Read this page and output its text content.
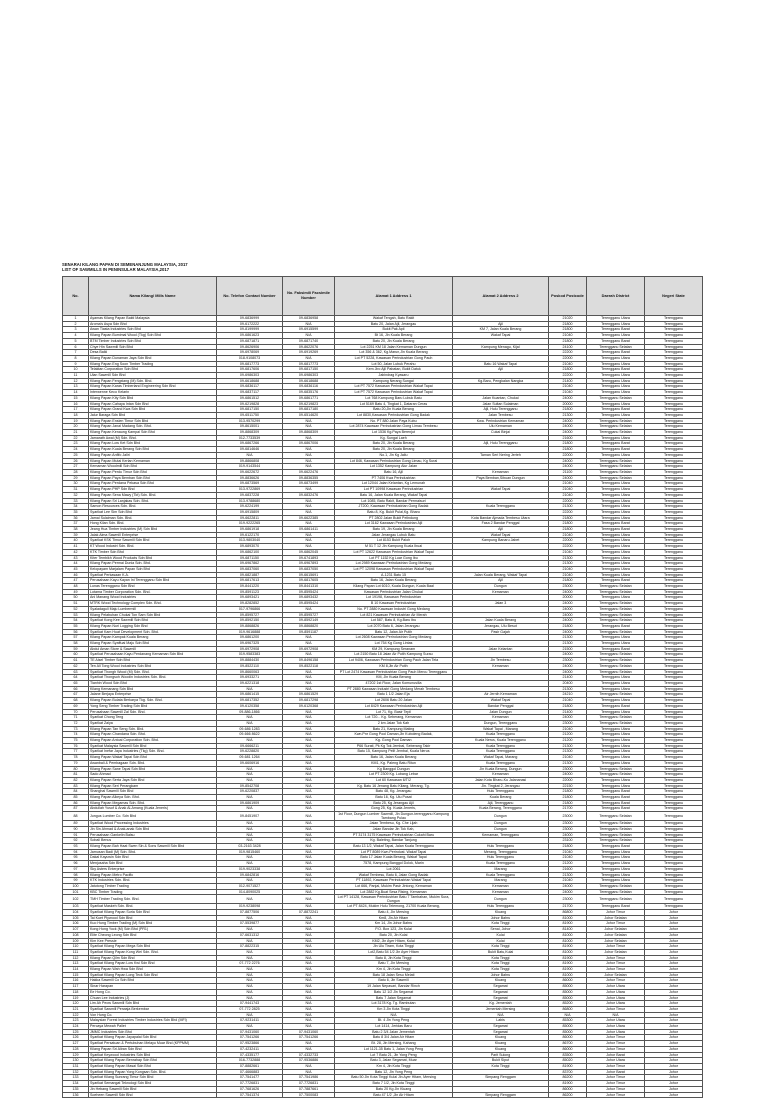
SENARAI KILANG PAPAN DI SEMENANJUNG MALAYSIA, 2017
LIST OF SAWMILLS IN PENINSULAR MALAYSIA,2017
No.	Nama Kilang/ Mills Name	No. Telefon Contact Number	No. Faksimili Facsimile Number	Alamat 1 Address 1	Alamat 2 Address 2	Poskod Postcode	Daerah District	Negeri State
1	Ayamas Kilang Papan Bakti Malaysia	09-6836999	09-6836958	Wakaf Tengah, Batu Rakit		21020	Terengganu Utara	Terengganu
2	Aroma's Asya Sdn Bhd	09-6172222	N/A	Batu 20, Jalan Ajil, Jerangau	Ajil	21800	Terengganu Utara	Terengganu
3	Awan Tiasta Industries Sdn Bhd	09-8199999	09-6915599	Bukit Pak Apil	KM 7, Jalan Kuala Berang	21800	Terengganu Barat	Terengganu
4	Kilang Papan Bumimal Wood (Tkg) Sdn Bhd	09-6861623	N/A	Bt 16, Jln Kuala Berang	Wakaf Tapai	21040	Terengganu Utara	Terengganu
5	BTM Timber Industries Sdn Bhd	09-6871871	09-6871740	Batu 20, Jln Kuala Berang		21800	Terengganu Barat	Terengganu
6	Chye Hin Sawmill Sdn Bhd	09-8626906	09-8622076	Lot 2251 KM 18 Jalan Kemaman Dungun	Kampung Menagu, Kijal	24100	Terengganu Selatan	Terengganu
7	Desa Baiki	09-6978069	09-6919269	Lot 356 & 362, Kg.Marun,Jln Kuala Berang		22200	Terengganu Barat	Terengganu
8	Kilang Papan Dunaman Jaya Sdn Bhd	018-9108073	N/A	Lot PT 5228, Kawasan Perindustrian Gong Pauh		22000	Terengganu Utara	Terengganu
9	Kilang Papan Eng Soon Timber Trading	09-6817773	09-6817773	Lot 50, Jalan Lubuk Perahu	Batu 16 Wakaf Tapai	21040	Terengganu Utara	Terengganu
10	Telaktan Corporation Sdn Bhd	09-6817606	09-6817150	Kem Jiro Ajil Pabatan, Bukit Datuk	Ajil	21800	Terengganu Barat	Terengganu
11	Ulan Sawmill Sdn Bhd	09-6986303	09-6986303	Jabindrag Kyasaru		22200	Terengganu Utara	Terengganu
12	Kilang Papan Fengxiang (M) Sdn. Bhd.	09-6618688	09-6618688	Kampung Nerang Sungai	Kg.Baru, Pengkalan Nangka	21400	Terengganu Utara	Terengganu
13	Kilang Papan Karas Timberland Engineering Sdn Bhd	09-6836117	09-6836116	Lot PT 7572 Kawasan Perindustrian Wakaf Tapai		21040	Terengganu Utara	Terengganu
14	Interwenne Keco Kelarin	09-6837117	09-6835176	Lot PT 7572 Kawasan Perindustrian Wakaf Tapai		21040	Terengganu Utara	Terengganu
15	Kilang Papan Kity Sdn Bhd	09-6861512	09-6861771	Lot 768 Kampung Baru Lubuk Batu	Jalan Kuantan, Chukai	24000	Terengganu Selatan	Terengganu
16	Kilang Papan Cahaya Intan Sdn Bhd	09-6219828	09-6219823	Lot 5169 Batu 4, Tingkat 1, Dataran Ceras	Jalan Sultan Sulaiman	20000	Terengganu Utara	Terengganu
17	Kilang Papan Grand Kwa Sdn Bhd	09-6817150	09-6817180	Batu 20,Jln Kuala Berang	Ajil, Hulu Terengganu	21800	Terengganu Barat	Terengganu
18	Jalur Baraga Sdn Bhd	09-6511750	09-6514620	Lot 8830,Kawasan Perindustrian Gong Badak	Jalan Tembesu	21300	Terengganu Utara	Terengganu
19	Kilang Papan Ensien Timur Sdn Bhd	013-9570299	N/A	No. PT 880 Jalan Paya Kubu	Kwa. Perindustrian Kemaman	24000	Terengganu Selatan	Terengganu
20	Kilang Papan Janai Madang Sdn. Bhd.	09-8615001	N/A	Lot 2874 Kawasan Perindustrian Gong Limau Tembesu	Ulu Kemaman	24000	Terengganu Selatan	Terengganu
21	Kilang Papan Kenaung Kampai Sdn Bhd	09-8868309	09-8868309	Lot 1536 Kg.Paya Berenjut	Cukai Binjai	24000	Terengganu Selatan	Terengganu
22	Jamarath Awal (M) Sdn. Bhd.	012-7733539	N/A	Kg. Sungai Laeh		21600	Terengganu Utara	Terengganu
23	Kilang Papan Low Ket Sdn Bhd	09-6867266	09-6867006	Batu 20, Jln Kuala Berang	Ajil, Hulu Terengganu	21800	Terengganu Barat	Terengganu
24	Kilang Papan Kuala Berang Sdn Bhd	09-6814646	N/A	Batu 20, Jln Kuala Berang		21800	Terengganu Barat	Terengganu
25	Kilang Papan Anfifo Jaliri	N/A	N/A	No.1, Jln Kg Jailu	Taman Seri Nering Jerteh	22000	Terengganu Utara	Terengganu
26	Kilang Papan Mutai Kerlan Kemaman	09-8866808	N/A	Lot 846, Kawasan Perindustrian Gong Limau, Kg Surai		24000	Terengganu Selatan	Terengganu
27	Kemaman Woodmill Sdn Bhd	019-9143544	N/A	Lot 1352 Kampung Alur Jalan		24000	Terengganu Selatan	Terengganu
28	Kilang Papan Perdu Timur Sdn Bhd	09-6622672	09-6622476	Batu 16, Ajil	Kemaman	21100	Terengganu Selatan	Terengganu
29	Kilang Papan Paya Bemban Sdn Bhd	09-8836626	09-8836355	PT 7406 Kwa Perindustrian	Paya Bemban,Sibuan Dungun	24000	Terengganu Selatan	Terengganu
30	Kilang Papan Perdana Pekasa Sdn Bhd	09-6873569	09-6873499	Lot 12044 Jalan Kelantan, Kg Lemunah		21040	Terengganu Utara	Terengganu
31	Kilang Papan PHP Sdn Bhd	013-9722869	N/A	Lot PT 10998 Kawasan Perindustrian	Wakaf Tapai	21040	Terengganu Utara	Terengganu
32	Kilang Papan Sena Mawy (Tkt) Sdn. Bhd.	09-6837228	09-6832476	Batu 16, Jalan Kuala Berang, Wakaf Tapai		21040	Terengganu Utara	Terengganu
33	Kilang Papan Sri Lanjakas Sdn. Bhd.	013-9788680	N/A	Lot 1085, Batu Rakit, Bandar Permaisuri		22000	Terengganu Utara	Terengganu
34	Samon Resources Sdn. Bhd.	09-6224199	N/A	JT200, Kawasan Perindustrian Gong Badak	Kuala Terengganu	21300	Terengganu Utara	Terengganu
35	Syarikat Lee Sim Sdn Bhd	09-6915809	N/A	Batu 8, Kg. Bukit Pulai,Kg. Bharu		22200	Terengganu Utara	Terengganu
36	Jamal Sulaiman Sdn. Bhd.	09-6622811	09-6622385	PT 2802 Jalan Bukit Pelindung	Kota Bandar Ajmada Tembesu Utara	21800	Terengganu Utara	Terengganu
37	Hong Kilan Sdn. Bhd.	019-9222265	N/A	Lot 3162 Kawasan Perindustrian Ajil	Fasa 2 Bandar Penggal	21800	Terengganu Barat	Terengganu
38	Jeang Hua Timber Industries (M) Sdn Bhd	09-6861918	09-6861411	Batu 19, Jln Kuala Berang	Ajil	21800	Terengganu Barat	Terengganu
39	Jalak Alma Sawmill Enterprise	09-6122170	N/A	Jalan Jerangau Lubuk Batu	Wakaf Tapai	21040	Terengganu Utara	Terengganu
40	Syarikat KSK Timur Sawmill Sdn Bhd	013-9803040	N/A	Lot 8153 Bukit Paloh	Kampung Banaru Jabet	22000	Terengganu Utara	Terengganu
41	KT Wood Industri Sdn. Bhd.	09-6893070	N/A	M 51 T 12 Jln Kampung Kuala Ibuai		22200	Terengganu Utara	Terengganu
42	KTK Timber Sdn Bhd	09-6862100	09-6862045	Lot PT 12622 Kawasan Perindustrian Wakaf Tapai		21040	Terengganu Utara	Terengganu
43	Kiter Tembikh Wood Products Sdn Bhd	09-6871150	09-6741893	Lot PT 1152 Kg Luar Gong Ibu		21300	Terengganu Utara	Terengganu
44	Kilang Papan Permai Dunia Sdn. Bhd.	09-6967862	09-6967893	Lot 2989 Kawasan Perindustrian Gong Medang		21300	Terengganu Utara	Terengganu
45	Kelopayam Marjalam Papan Sdn Bhd	09-6837060	09-6837050	Lot PT 12098 Kawasan Perindustrian Wakaf Tapai		21040	Terengganu Utara	Terengganu
46	Syarikat Perkasaan K.A.	09-6821887	09-6615691	A-1231 Batu 15	Jalan Kuala Berang, Wakaf Tapai	21040	Terengganu Utara	Terengganu
47	Perusahaan Kayu Kayan Ini Terengganu Sdn Bhd	09-6817613	09-6817605	Batu 16, Jalan Kuala Berang	Ajil	21800	Terengganu Barat	Terengganu
48	Lunas Terengganu Sdn Bhd	09-8441220	09-8441310	Kilang Papan Lot 6010, Kuala Dungun, Kuala Baal	Dungun	23000	Terengganu Selatan	Terengganu
49	Lotama Timber Corporation Sdn. Bhd.	09-8591123	09-8595424	Kawasan Perindustrian Jalan Chukai	Kemaman	24000	Terengganu Selatan	Terengganu
50	Ani Manang Wood Industries	09-6893421	09-6893432	Lot 19198, Kawasan Perindustrian		20000	Terengganu Utara	Terengganu
51	MTRK Wood Technology Complex Sdn. Bhd.	09-8282852	09-8595424	B 10 Kawasan Perindustrian	Jalan 3	24000	Terengganu Selatan	Terengganu
52	Syaladagull Maju Lumbermill	017-9796866	N/A	No. PT 2880 Kawasan Industri Gong Medang		24000	Terengganu Selatan	Terengganu
53	Kilang Pelabuhan Chukai Ton Sam Sdn Bhd	09-8595727	09-8595727	Lot 821 Kawasan Perindustrian Air Merah		24000	Terengganu Selatan	Terengganu
54	Syarikat Kong Kee Sawmill Sdn Bhd	09-8592150	09-8592149	Lot 587, Batu 8, Kg.Baru Ibu	Jalan Kuala Berang	24000	Terengganu Selatan	Terengganu
55	Kilang Papan Nuri Logging Sdn Bhd	09-8868826	09-8868820	Lot 2070 Batu 6, Jalan Jerangau	Jerangau, Ulu Besut	21800	Terengganu Barat	Terengganu
56	Syarikat Kam Huat Development Sdn. Bhd.	019-9616888	09-8591187	Batu 12, Jalan Air Putih	Pasir Gajah	24000	Terengganu Selatan	Terengganu
57	Kilang Papan Kampak Kuala Berang	09-6861200	N/A	Lot 2608 Kawasan Perindustrian Gong Medang		21300	Terengganu Utara	Terengganu
58	Kilang Papan Syaffuai Maju Sdn Bhd	09-6967325	N/A	Lot 754 Kg Gong Lintas		21300	Terengganu Utara	Terengganu
59	Abdul Aman Store & Sawmill	09-6972908	09-6972908	KM 29, Kampung Seranam	Jalan Kelantan	21500	Terengganu Barat	Terengganu
60	Syarikat Perusahaan Kayu Perdanang Kemaman Sdn Bhd	019-9583383	N/A	Lot 2150 Batu 18 Jalan Air Putih Kampung Surau		24000	Terengganu Selatan	Terengganu
61	TE Alsel Timber Sdn Bhd	09-8884430	09-8496158	Lot 9406, Kawasan Perindustrian Gong Pauh Jalan Tela	Jln Tembesu	23000	Terengganu Selatan	Terengganu
62	Ten All Tong Wood Industries Sdn Bhd	09-8522110	09-8522118	KM 8,Jln Air Putih	Kemaman	24000	Terengganu Selatan	Terengganu
63	Syarikat Thongh Wood (M) Sdn. Bhd.	09-8660063	N/A	PT Lot 2474 Kawasan Perindustrian Gong Pauh Mercu Terengganu		24000	Terengganu Selatan	Terengganu
64	Syarikat Thongsoh Woodin Industries Sdn. Bhd.	09-6933271	N/A	KM, Jln Kuala Berang		21400	Terengganu Utara	Terengganu
65	Tianhin Wood Sdn Bhd	09-6221318	N/A	47202 1st Floor, Jalan Komunusilia		20400	Terengganu Utara	Terengganu
66	Kilang Kemanang Sdn Bhd	N/A	N/A	PT 2880 Kawasan Industri Gong Medang Merah Tembesu		21300	Terengganu Utara	Terengganu
67	Jalane Berjaya Enterprise	09-6861415	09-6861529	Batu 1 1/2 Jalan Eja	Air Jernih Kemaman	24210	Terengganu Selatan	Terengganu
68	Kilang Papan Bulata Berkarya Tkg. Sdn. Bhd.	09-6817352	09-6817298	Lot 2606 Batu 20 Jalan	Wakaf Tapai	21040	Terengganu Utara	Terengganu
69	Yong Seng Timber Trading Sdn Bhd	09-6120358	09-6120368	Lot 8429 Kawasan Perindustrian Ajil	Bandar Penggal	21800	Terengganu Barat	Terengganu
70	Perusahaan Sawmill Zal Sdn. Bhd.	09-886-1866	N/A	Lot 71, Kg. Basir Tepil	Jalan Dungun	21400	Terengganu Utara	Terengganu
71	Syarikat Chong Teng	N/A	N/A	Lot 720... Kg. Seberang, Kemaman	Kemaman	24000	Terengganu Selatan	Terengganu
72	Syarikat Zaiya	N/A	N/A	2 km Jalan Tok Kah	Dungun, Terengganu	23000	Terengganu Selatan	Terengganu
73	Kilang Papan Tan Seng Sdn. Bhd.	09-686 1283	N/A	Batu 21, Kampung Mating	Wakaf Tapai , Marang	21040	Terengganu Utara	Terengganu
74	Kilang Papan Chandana Sdn. Bhd.	09-666 8622	N/A	Kwn.Pnr Gong Pool Daman,Jln Kuboleng Badak,	Kuala Terengganu	21200	Terengganu Utara	Terengganu
75	Kilang Papan Antoai Corporation Sdn. Bhd.	N/A	N/A	Kg. Gong Pool Daman	Kuala Nerus, Kuala Terengganu	21200	Terengganu Utara	Terengganu
76	Syarikat Malaysia Sawmill Sdn Bhd	09-6666211	N/A	P66 Surati, Pk Kg Tok Jembal, Seberang Takir	Kuala Terengganu	21300	Terengganu Utara	Terengganu
77	Syarikat Inefar Jaya Industries (Tkg) Sdn. Bhd.	09-6228820	N/A	Batu 15, Kampung Pelit Jembal, Kuala Nerus	Kuala Terengganu	21300	Terengganu Utara	Terengganu
78	Kilang Papan Wakaf Tapai Sdn Bhd	09-681 1264	N/A	Batu 16, Jalan Kuala Berang	Wakaf Tapai, Marang	21040	Terengganu Utara	Terengganu
79	Awanbali & Pembagaan Sdn. Bhd.	09-6606916	N/A	KM1, Kg. Paleng Batu Ritun	Kuala Terengganu	21300	Terengganu Utara	Terengganu
80	Kilang Papan Sane Tapai Sdn Bhd	N/A	N/A	Kg Banggol Dungun	Jln Kuala Berang, Dungun	23000	Terengganu Selatan	Terengganu
81	Sado Ahmad	N/A	N/A	Lot PT 2309 Kg. Lubang Lebar	Kemaman	24000	Terengganu Selatan	Terengganu
82	Kilang Papan Serta Jaya Sdn Bhd	N/A	N/A	Lot 60 Kawasan 6/T/2	Jalan Kota Bharu-Ku Jalananasi	22000	Terengganu Utara	Terengganu
83	Kilang Papan Seri Perangkam	09-8542708	N/A	Kg. Batu 16 Jenang Batu Kilang, Merang, Tg.	Jln. Tingkat 2, Jerangau	22150	Terengganu Utara	Terengganu
84	Shanghai Sawmill Sdn Bhd	09-6220837	N/A	Batu 48, Kg. Jerangau	Hulu Terengganu	21800	Terengganu Barat	Terengganu
85	Kilang Papan Alkeya Sdn. Bhd.	N/A	N/A	Batu 16, Kg. Ulu Pusat	Kuala Berang	21800	Terengganu Barat	Terengganu
86	Kilang Papan Megamas Sdn. Bhd.	09-6861909	N/A	Batu 25, Kg Jerangau Ajil	Ajil, Terengganu	21800	Terengganu Barat	Terengganu
87	Abdullah Yusof & Anak Al-Amang (Kuala Jeneris)	N/A	N/A	Gong 25, Kg. Kuala Jeneris,	Kuala Berang, Terengganu	21700	Terengganu Barat	Terengganu
88	Jungus Lumber Co. Sdn Bhd	09-8451907	N/A	1st Floor, Dungun Lumber Sawmill, Jln Dungun-terengganu Kampung Tambang Pulau	Dungun	23000	Terengganu Selatan	Terengganu
89	Syarikat Wood Processing Industries	N/A	N/A	Jalan Tembesu, Kg. Che Lijah	Dungun	23000	Terengganu Selatan	Terengganu
90	Jin Sin Ahmad & Anak-anak Sdn Bhd	N/A	N/A	Jalan Bandar Jln Tok Kah,	Dungun	23000	Terengganu Selatan	Terengganu
91	Perusahaan Gankelin Balsu	N/A	N/A	PT 3174 3175 Kawasan Perindustrian Cukahi Baru	Kemaman, Terengganu	24000	Terengganu Selatan	Terengganu
92	Sobali Benus	N/A	N/A	Kg. Baleting, Bandar Tanjung		23100	Terengganu Selatan	Terengganu
93	Kilang Papan Bah Haat Swen Sin & Sons Sawmill Sdn Bhd	03-2163 3428	N/A	Batu 13 1/2, Wakaf Tapai, Jalan Kuala Terengganu	Hulu Terengganu	21800	Terengganu Barat	Terengganu
94	Jamusan Badi (M) Sdn. Bhd.	019-9815460	N/A	Lot PT 8089 Kwn.Perindust. Wakaf Tapai	Merang, Terengganu	21040	Terengganu Utara	Terengganu
95	Dakal Kayuwin Sdn Bhd	N/A	N/A	Batu 17 Jalan Kuala Berang, Wakaf Tapai	Hulu Terengganu	21040	Terengganu Utara	Terengganu
96	Menjusaha Sdn Bhd	N/A	N/A	7578, Kampung Banggol Dolok, Marin	Kuala Terengganu	21200	Terengganu Utara	Terengganu
97	Sky Asters Enterprise	019-9023338	N/A	Lot 2061	Marang	21600	Terengganu Utara	Terengganu
98	Kilang Papan Metro Pacific	09-6842816	N/A	Wakaf Tembesu, Batu 6, Jalan Gong Badak	Kuala Terengganu	21300	Terengganu Utara	Terengganu
99	KTK Industries Sdn. Bhd.	N/A	N/A	PT 11892, Kawasan Perindustrian Wakaf Tapai	Marang	21040	Terengganu Utara	Terengganu
100	Jatutong Timber Trading	012-9071527	N/A	Lot 666, Panjai, Mukim Pasir Jintong, Kemaman	Kemaman	24000	Terengganu Selatan	Terengganu
101	KBC Timber Trading	014-8090025	N/A	Lot 2882 Kg.Buat Sesa Rising, Kemaman	Kemaman	24000	Terengganu Selatan	Terengganu
102	TMH Timber Trading Sdn. Bhd.	N/A	N/A	Lot PT 14128, Kawasan Perindustrian Batu 7 Tambahan, Mukim Sura, Dungun	Dungun	23000	Terengganu Selatan	Terengganu
103	Syarikat Maskeh Sdn. Bhd.	019-9238098	N/A	Lot PT 8424, Mukim Hulu Telemong, 21700 Kuala Berang,	Hulu Terengganu	21700	Terengganu Barat	Terengganu
104	Syarikat Kilang Papan Suria Sdn Bhd	07-8877506	07-8872241	Batu 4, Jln Mersing	Kluang	86800	Johor Timur	Johor
105	Tai Kuet Plywood Sdn Bhd	N/A	N/A	Km8, Jln Air Hitam	Johor Bahru	81000	Johor Selatan	Johor
106	Kuo Hung Timber Trading (M) Sdn Bhd	07-5539877	N/A	Km 14, Jln Johor Bahru	Kota Tinggi	81900	Johor Timur	Johor
107	Kong Hong Yock (M) Sdn Bhd (PR1)	N/A	N/A	P.O. Box 123, Jln Kulai	Senai, Johor	81400	Johor Selatan	Johor
108	Elite Cheong Leong Sdn Bhd	07-6631312	N/A	Batu 20, Jln Kulai	Kulai	81000	Johor Selatan	Johor
109	Kim Kee Pressie	N/A	N/A	KM2, Jln Ayer Hitam, Kulai	Kulai	81000	Johor Selatan	Johor
110	Syarikat Kilang Papan Mega Sdn Bhd	07-8822315	N/A	Jln Ulu Tiram, Kota Tinggi	Kota Tinggi	81900	Johor Timur	Johor
111	Syarikat Kilang Papan Kong Wei Sdn. Bhd.	N/A	N/A	Lot2,Batu 54 1/2 Jln Ayer Hitam	Bukit Batu,Kulai	81000	Johor Selatan	Johor
112	Kilang Papan Qilm Sdn Bhd	N/A	N/A	Batu 8, Jln Kota Tinggi	Kota Tinggi	81900	Johor Timur	Johor
113	Syarikat Kilang Papan Low Kwi Sdn Bhd	07-772 2276	N/A	Batu 7, Jln Mersing	Kota Tinggi	81900	Johor Timur	Johor
114	Kilang Papan Wah Hwa Sdn Bhd	N/A	N/A	Km 4, Jln Kota Tinggi	Kota Tinggi	81900	Johor Timur	Johor
115	Syarikat Kilang Papan Long Teck Sdn Bhd	N/A	N/A	Batu 18 Jalan Sesu Melati	Johor Bahru	81000	Johor Selatan	Johor
116	Hakka Sawmill Co Sdn Bhd	N/A	N/A	Batu 6, Jln Sawmill	Kluang	86000	Johor Timur	Johor
117	Sinar Harapan	N/A	N/A	19 Jalan Nepasari, Bandar Rinch	Segamat	85000	Johor Utara	Johor
118	Ee Hong Co.	N/A	N/A	Batu 12 1/2 Jln Segamat	Segamat	85000	Johor Utara	Johor
119	Chuan Lee Industries (J)	N/A	N/A	Batu 7 Jalan Segamat	Segamat	85000	Johor Utara	Johor
120	Lim Ah Peow Sawmill Sdn Bhd	07-9441743	N/A	Lot 3178 Kg. Tg. Rambutan	Kg. Jementah	85200	Johor Utara	Johor
121	Syarikat Sawmill Perwaja Berkembar	07-772 2825	N/A	Km 3 Jln Kota Tinggi	Jementah Mersing	86800	Johor Timur	Johor
122	Von Hung Co.	N/A	N/A	N/A	N/A	N/A	N/A	Johor
123	Malaysian Forest Industries Timber Industries Sdn Bhd (MFI)	07-9231411	N/A	Bt. 4 Jln Yong Peng	Labis	85300	Johor Utara	Johor
124	Percaya Mewah Pallet	N/A	N/A	Lot 1414, Jeridas Baru	Segamat	85000	Johor Utara	Johor
125	JMMC Industries Sdn Bhd	07-9431060	07-9431060	Batu 2 3/4 Jalan Jementah	Segamat	85000	Johor Utara	Johor
126	Syarikat Kilang Papan Jayapalai Sdn Bhd	07-7541266	07-7541266	Batu 8 3/4 Jalan Air Hitam	Kluang	86000	Johor Timur	Johor
127	Syarikat Persatuan & Pertubuhan Melayu Muar Bhd (KPPMM)	07-9523866	N/A	Bt. 28, Jln Mersing, Kahang	Kluang	86700	Johor Timur	Johor
128	Kilang Papan Sri Aliran Sdn Bhd	07-4232411	N/A	Lot 1121-35 Batu 1, Jalan Yong Peng	Kluang	86000	Johor Timur	Johor
129	Syarikat Keywood Industries Sdn Bhd	07-4335177	07-4332733	Lot 7 Batu 21, Jln Yong Peng	Parit Sulong	83500	Johor Barat	Johor
130	Syarikat Kilang Papan Benrahap Sdn Bhd	016-7732888	07-9536886	Batu 3, Jalan Segamat, Muar	Bukit Siput	85020	Johor Utara	Johor
131	Syarikat Kilang Papan Masai Sdn Bhd	07-8882661	N/A	Km 4, Jln Kota Tinggi	Kota Tinggi	81900	Johor Timur	Johor
132	Syarikat Kilang Papan Yong Kongsan Sdn. Bhd.	07-4666883	N/A	Batu 12, Jln Yong Peng		83700	Johor Barat	Johor
133	Syarikat Kilang Sunrang Timur Sdn Bhd	07-7541477	07-7541986	Batu 50 Jln Kota Tinggi Kulai Jln Ayer Hitam, Mersing	Simpang Renggam	86200	Johor Timur	Johor
134	Syarikat Semangat Teknologi Sdn Bhd	07-7726831	07-7726831	Batu 7 1/2, Jln Kota Tinggi		81900	Johor Timur	Johor
135	Jin Hebang Sawmill Sdn Bhd	07-7681626	07-7887661	Batu 20 Kg Jln Kluang		86000	Johor Timur	Johor
136	Soeheen Sawmill Sdn Bhd	07-7541374	07-7500083	Batu 47 1/2 ,Jln Air Hitam	Simpang Renggam	86200	Johor Timur	Johor
